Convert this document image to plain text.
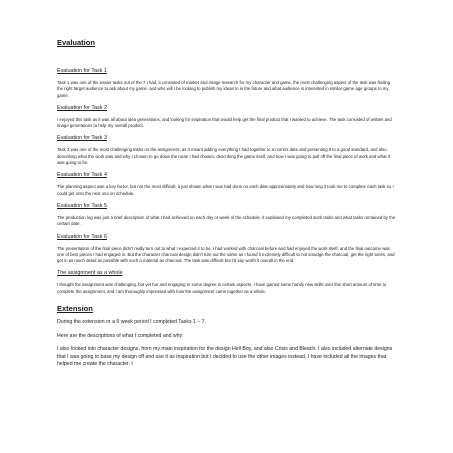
Evaluation
Evaluation for Task 1

Task 1 was one of the easier tasks out of the 7 I had, it consisted of market and image research for my character and game, the most challenging aspect of the task was finding the right target audience to ask about my game, and who will I be looking to publish my ideas to in the future and what audience is interested in similar game age groups to my game.

Evaluation for Task 2

I enjoyed this task as it was all about idea generations, and looking for inspiration that would help get the final product that I wanted to achieve. The task consisted of written and image generations to help my overall product.

Evaluation for Task 3

Task 3 was one of the most challenging tasks on the assignment, as it meant adding everything I had together to a correct date and presenting it to a good standard, and also describing what the work was and why I chosen to go down the route I had chosen, describing the game itself, and how I was going to pull off the final piece of work and what it was going to be.

Evaluation for Task 4

The planning aspect was a key factor, but not the most difficult, it just shown what I was had done on each date approximately and how long it took me to complete each task so I could get onto the next one on schedule.

Evaluation for Task 5

The production log was just a brief description of what I had achieved on each day or week of the schedule, it explained my completed work tasks and what tasks remained by the certain date.

Evaluation for Task 6

The presentation of the final piece didn't really turn out to what I expected it to be, I had worked with charcoal before and had enjoyed the work itself, and the final outcome was one of best pieces I had engaged in. But the character charcoal design didn't turn out the same as I found it extremely difficult to not smudge the charcoal, get the right tones, and get in as much detail as possible with such a material as charcoal. The task was difficult but I'd say worth it overall in the end.

The assignment as a whole

I thought the assignment was challenging, but yet fun and engaging to some degree in certain aspects, I have gained some handy new skills over this short amount of time to complete the assignment, and I am thoroughly impressed with how the assignment came together as a whole.

Extension

During the extension or a 5 week period I completed Tasks 1 – 7.

Here are the descriptions of what I completed and why:

I also looked into character designs, from my main inspiration for the design Hell Boy, and also Crisis and Bleach. I also included alternate designs that I was going to base my design off and use it as inspiration but I decided to use the other images instead, I have included all the images that helped me create the character. I
